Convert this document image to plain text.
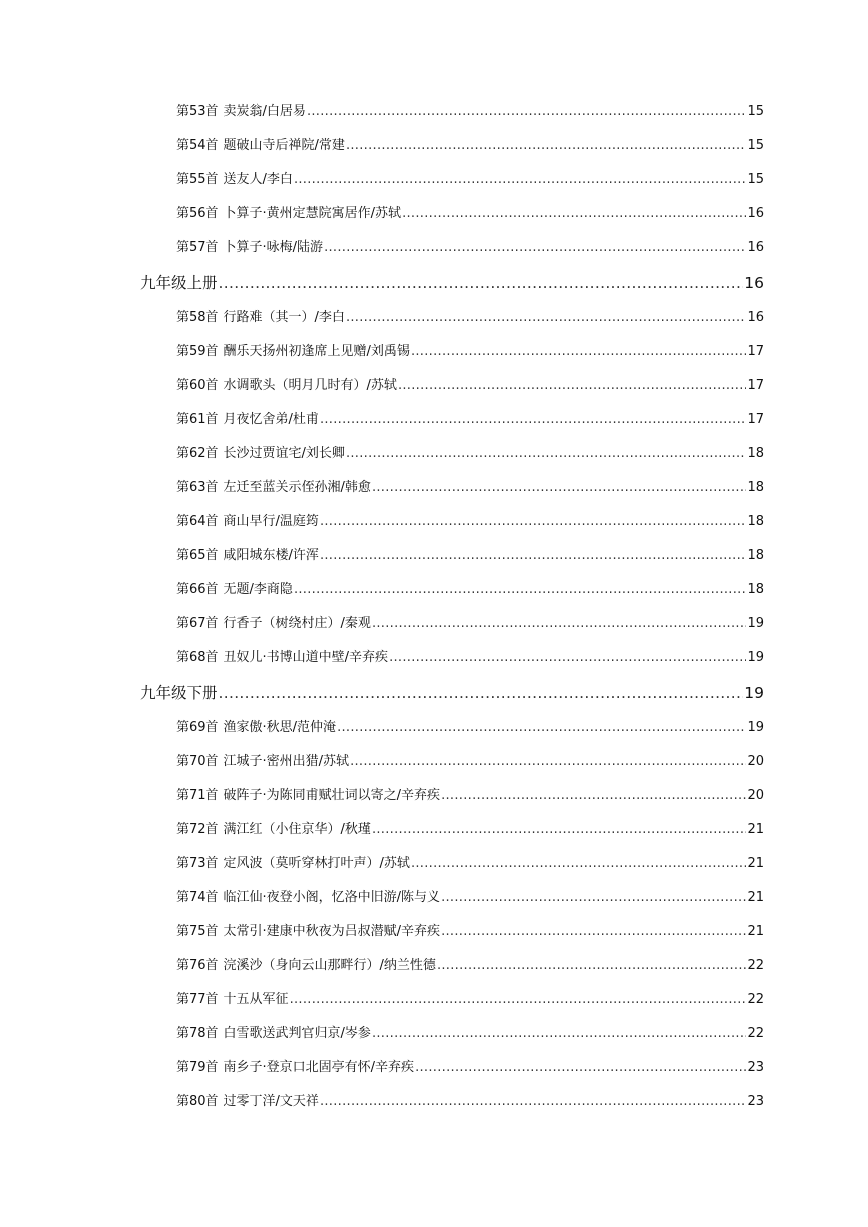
第53首 卖炭翁/白居易 .....	15
第54首 题破山寺后禅院/常建 .....	15
第55首 送友人/李白 .....	15
第56首 卜算子·黄州定慧院寓居作/苏轼 .....	16
第57首 卜算子·咏梅/陆游 .....	16
九年级上册 .....	16
第58首 行路难（其一）/李白 .....	16
第59首 酬乐天扬州初逢席上见赠/刘禹锡 .....	17
第60首 水调歌头（明月几时有）/苏轼 .....	17
第61首 月夜忆舍弟/杜甫 .....	17
第62首 长沙过贾谊宅/刘长卿 .....	18
第63首 左迁至蓝关示侄孙湘/韩愈 .....	18
第64首 商山早行/温庭筠 .....	18
第65首 咸阳城东楼/许浑 .....	18
第66首 无题/李商隐 .....	18
第67首 行香子（树绕村庄）/秦观 .....	19
第68首 丑奴儿·书博山道中壁/辛弃疾 .....	19
九年级下册 .....	19
第69首 渔家傲·秋思/范仲淹 .....	19
第70首 江城子·密州出猎/苏轼 .....	20
第71首 破阵子·为陈同甫赋壮词以寄之/辛弃疾 .....	20
第72首 满江红（小住京华）/秋瑾 .....	21
第73首 定风波（莫听穿林打叶声）/苏轼 .....	21
第74首 临江仙·夜登小阁，忆洛中旧游/陈与义 .....	21
第75首 太常引·建康中秋夜为吕叔潜赋/辛弃疾 .....	21
第76首 浣溪沙（身向云山那畔行）/纳兰性德 .....	22
第77首 十五从军征 .....	22
第78首 白雪歌送武判官归京/岑参 .....	22
第79首 南乡子·登京口北固亭有怀/辛弃疾 .....	23
第80首 过零丁洋/文天祥 .....	23
